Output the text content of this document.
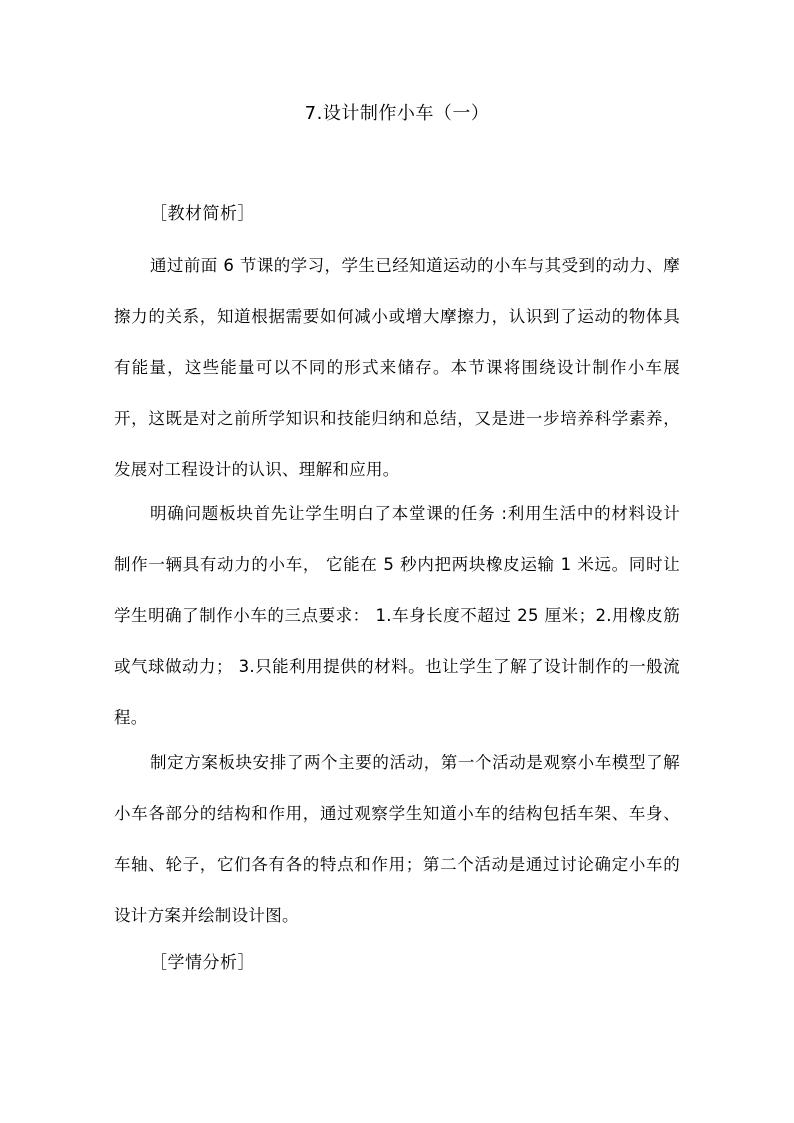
7.设计制作小车（一）
［教材简析］

通过前面 6 节课的学习，学生已经知道运动的小车与其受到的动力、摩擦力的关系，知道根据需要如何减小或增大摩擦力，认识到了运动的物体具有能量，这些能量可以不同的形式来储存。本节课将围绕设计制作小车展开，这既是对之前所学知识和技能归纳和总结，又是进一步培养科学素养，发展对工程设计的认识、理解和应用。

明确问题板块首先让学生明白了本堂课的任务 :利用生活中的材料设计制作一辆具有动力的小车， 它能在 5 秒内把两块橡皮运输 1 米远。同时让学生明确了制作小车的三点要求： 1.车身长度不超过 25 厘米；2.用橡皮筋或气球做动力； 3.只能利用提供的材料。也让学生了解了设计制作的一般流程。

制定方案板块安排了两个主要的活动，第一个活动是观察小车模型了解小车各部分的结构和作用，通过观察学生知道小车的结构包括车架、车身、车轴、轮子，它们各有各的特点和作用；第二个活动是通过讨论确定小车的设计方案并绘制设计图。

［学情分析］
